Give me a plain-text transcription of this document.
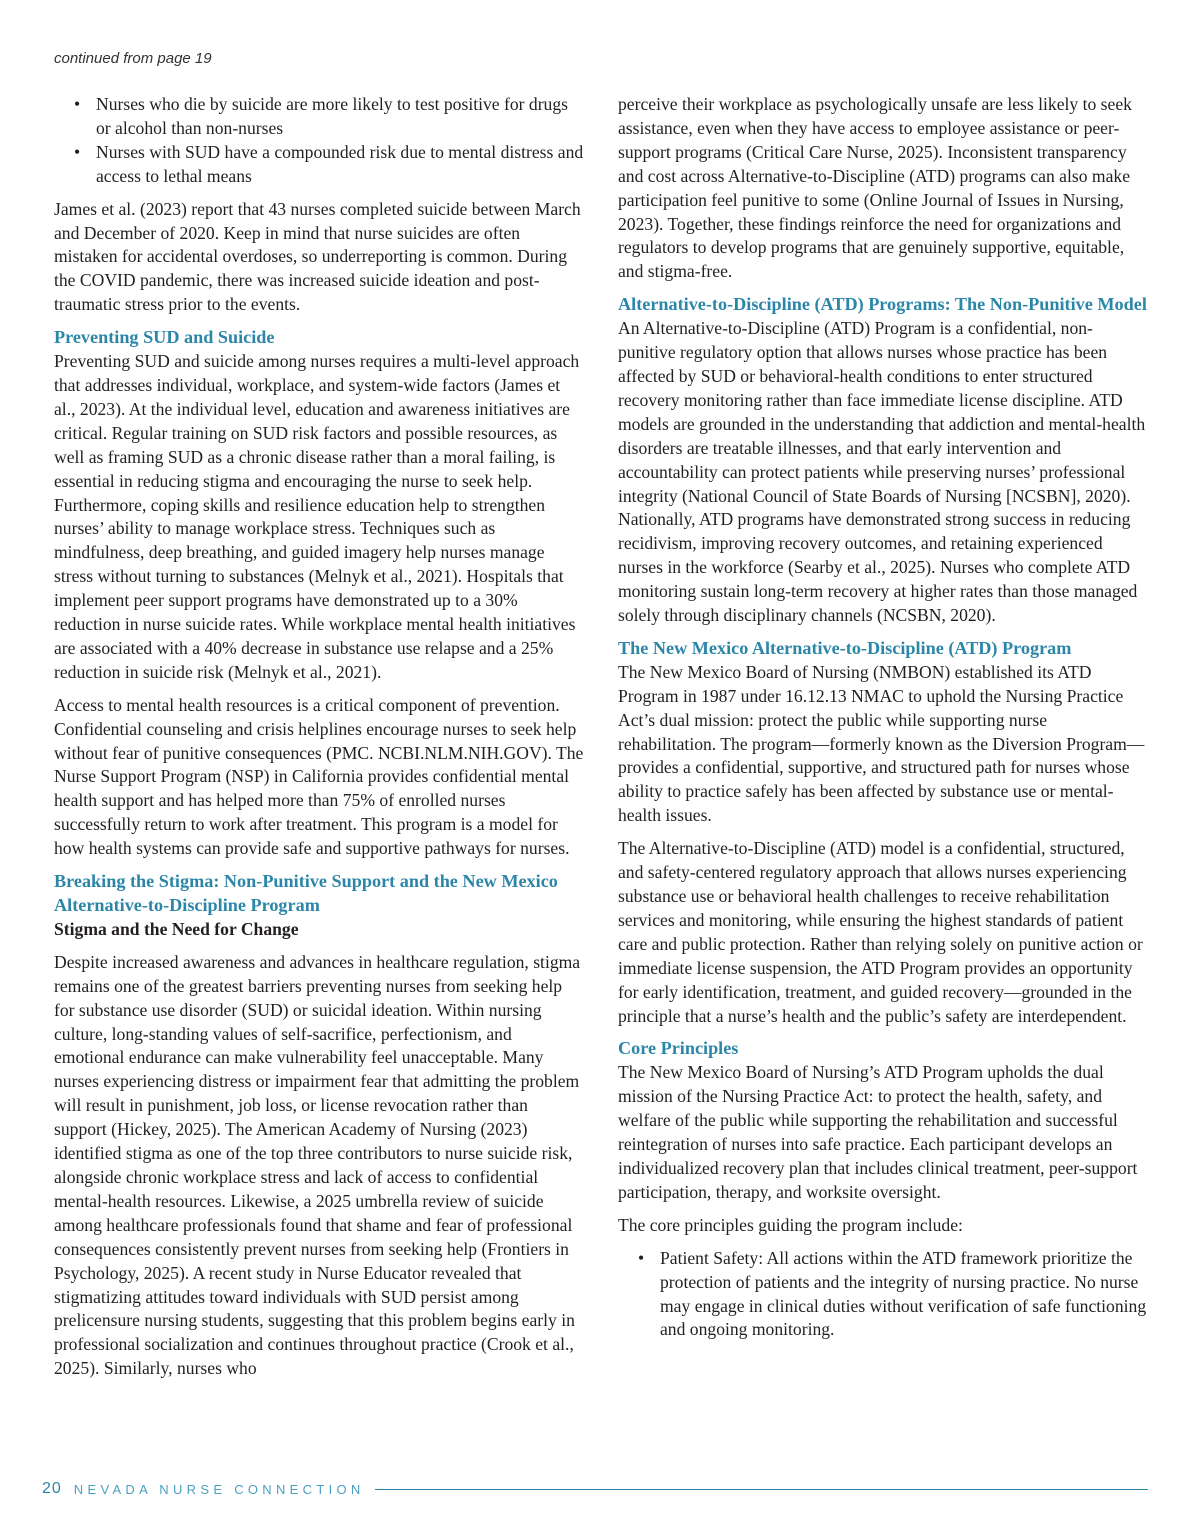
continued from page 19
• Nurses who die by suicide are more likely to test positive for drugs or alcohol than non-nurses
• Nurses with SUD have a compounded risk due to mental distress and access to lethal means

James et al. (2023) report that 43 nurses completed suicide between March and December of 2020. Keep in mind that nurse suicides are often mistaken for accidental overdoses, so underreporting is common. During the COVID pandemic, there was increased suicide ideation and post-traumatic stress prior to the events.

Preventing SUD and Suicide

Preventing SUD and suicide among nurses requires a multi-level approach that addresses individual, workplace, and system-wide factors (James et al., 2023). At the individual level, education and awareness initiatives are critical. Regular training on SUD risk factors and possible resources, as well as framing SUD as a chronic disease rather than a moral failing, is essential in reducing stigma and encouraging the nurse to seek help. Furthermore, coping skills and resilience education help to strengthen nurses’ ability to manage workplace stress. Techniques such as mindfulness, deep breathing, and guided imagery help nurses manage stress without turning to substances (Melnyk et al., 2021). Hospitals that implement peer support programs have demonstrated up to a 30% reduction in nurse suicide rates. While workplace mental health initiatives are associated with a 40% decrease in substance use relapse and a 25% reduction in suicide risk (Melnyk et al., 2021).

Access to mental health resources is a critical component of prevention. Confidential counseling and crisis helplines encourage nurses to seek help without fear of punitive consequences (PMC. NCBI.NLM.NIH.GOV). The Nurse Support Program (NSP) in California provides confidential mental health support and has helped more than 75% of enrolled nurses successfully return to work after treatment. This program is a model for how health systems can provide safe and supportive pathways for nurses.

Breaking the Stigma: Non-Punitive Support and the New Mexico Alternative-to-Discipline Program
Stigma and the Need for Change

Despite increased awareness and advances in healthcare regulation, stigma remains one of the greatest barriers preventing nurses from seeking help for substance use disorder (SUD) or suicidal ideation. Within nursing culture, long-standing values of self-sacrifice, perfectionism, and emotional endurance can make vulnerability feel unacceptable. Many nurses experiencing distress or impairment fear that admitting the problem will result in punishment, job loss, or license revocation rather than support (Hickey, 2025). The American Academy of Nursing (2023) identified stigma as one of the top three contributors to nurse suicide risk, alongside chronic workplace stress and lack of access to confidential mental-health resources. Likewise, a 2025 umbrella review of suicide among healthcare professionals found that shame and fear of professional consequences consistently prevent nurses from seeking help (Frontiers in Psychology, 2025). A recent study in Nurse Educator revealed that stigmatizing attitudes toward individuals with SUD persist among prelicensure nursing students, suggesting that this problem begins early in professional socialization and continues throughout practice (Crook et al., 2025). Similarly, nurses who

perceive their workplace as psychologically unsafe are less likely to seek assistance, even when they have access to employee assistance or peer-support programs (Critical Care Nurse, 2025). Inconsistent transparency and cost across Alternative-to-Discipline (ATD) programs can also make participation feel punitive to some (Online Journal of Issues in Nursing, 2023). Together, these findings reinforce the need for organizations and regulators to develop programs that are genuinely supportive, equitable, and stigma-free.

Alternative-to-Discipline (ATD) Programs: The Non-Punitive Model

An Alternative-to-Discipline (ATD) Program is a confidential, non-punitive regulatory option that allows nurses whose practice has been affected by SUD or behavioral-health conditions to enter structured recovery monitoring rather than face immediate license discipline. ATD models are grounded in the understanding that addiction and mental-health disorders are treatable illnesses, and that early intervention and accountability can protect patients while preserving nurses’ professional integrity (National Council of State Boards of Nursing [NCSBN], 2020). Nationally, ATD programs have demonstrated strong success in reducing recidivism, improving recovery outcomes, and retaining experienced nurses in the workforce (Searby et al., 2025). Nurses who complete ATD monitoring sustain long-term recovery at higher rates than those managed solely through disciplinary channels (NCSBN, 2020).

The New Mexico Alternative-to-Discipline (ATD) Program

The New Mexico Board of Nursing (NMBON) established its ATD Program in 1987 under 16.12.13 NMAC to uphold the Nursing Practice Act’s dual mission: protect the public while supporting nurse rehabilitation. The program—formerly known as the Diversion Program—provides a confidential, supportive, and structured path for nurses whose ability to practice safely has been affected by substance use or mental-health issues.

The Alternative-to-Discipline (ATD) model is a confidential, structured, and safety-centered regulatory approach that allows nurses experiencing substance use or behavioral health challenges to receive rehabilitation services and monitoring, while ensuring the highest standards of patient care and public protection. Rather than relying solely on punitive action or immediate license suspension, the ATD Program provides an opportunity for early identification, treatment, and guided recovery—grounded in the principle that a nurse’s health and the public’s safety are interdependent.

Core Principles

The New Mexico Board of Nursing’s ATD Program upholds the dual mission of the Nursing Practice Act: to protect the health, safety, and welfare of the public while supporting the rehabilitation and successful reintegration of nurses into safe practice. Each participant develops an individualized recovery plan that includes clinical treatment, peer-support participation, therapy, and worksite oversight.

The core principles guiding the program include:

• Patient Safety: All actions within the ATD framework prioritize the protection of patients and the integrity of nursing practice. No nurse may engage in clinical duties without verification of safe functioning and ongoing monitoring.
20 NEVADA NURSE CONNECTION
